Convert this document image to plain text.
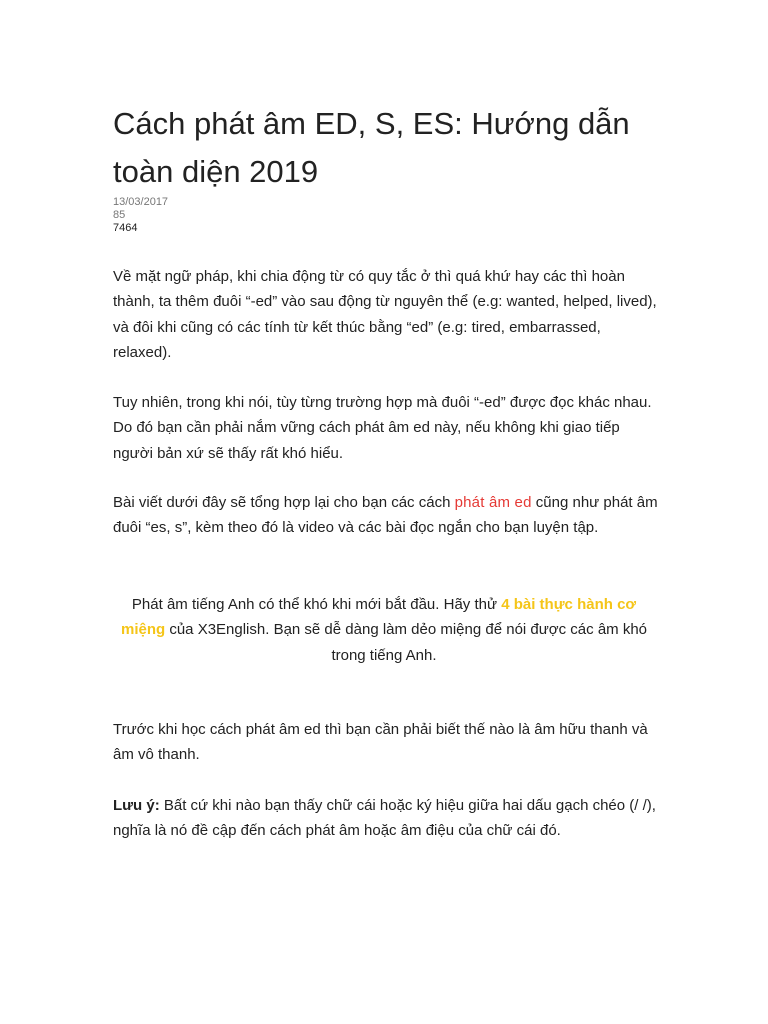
Cách phát âm ED, S, ES: Hướng dẫn toàn diện 2019
13/03/2017
85
7464

Về mặt ngữ pháp, khi chia động từ có quy tắc ở thì quá khứ hay các thì hoàn thành, ta thêm đuôi “-ed” vào sau động từ nguyên thể (e.g: wanted, helped, lived), và đôi khi cũng có các tính từ kết thúc bằng “ed” (e.g: tired, embarrassed, relaxed).

Tuy nhiên, trong khi nói, tùy từng trường hợp mà đuôi “-ed” được đọc khác nhau. Do đó bạn cần phải nắm vững cách phát âm ed này, nếu không khi giao tiếp người bản xứ sẽ thấy rất khó hiểu.

Bài viết dưới đây sẽ tổng hợp lại cho bạn các cách phát âm ed cũng như phát âm đuôi “es, s”, kèm theo đó là video và các bài đọc ngắn cho bạn luyện tập.

Phát âm tiếng Anh có thể khó khi mới bắt đầu. Hãy thử 4 bài thực hành cơ miệng của X3English. Bạn sẽ dễ dàng làm dẻo miệng để nói được các âm khó trong tiếng Anh.

Trước khi học cách phát âm ed thì bạn cần phải biết thế nào là âm hữu thanh và âm vô thanh.

Lưu ý: Bất cứ khi nào bạn thấy chữ cái hoặc ký hiệu giữa hai dấu gạch chéo (/ /), nghĩa là nó đề cập đến cách phát âm hoặc âm điệu của chữ cái đó.
